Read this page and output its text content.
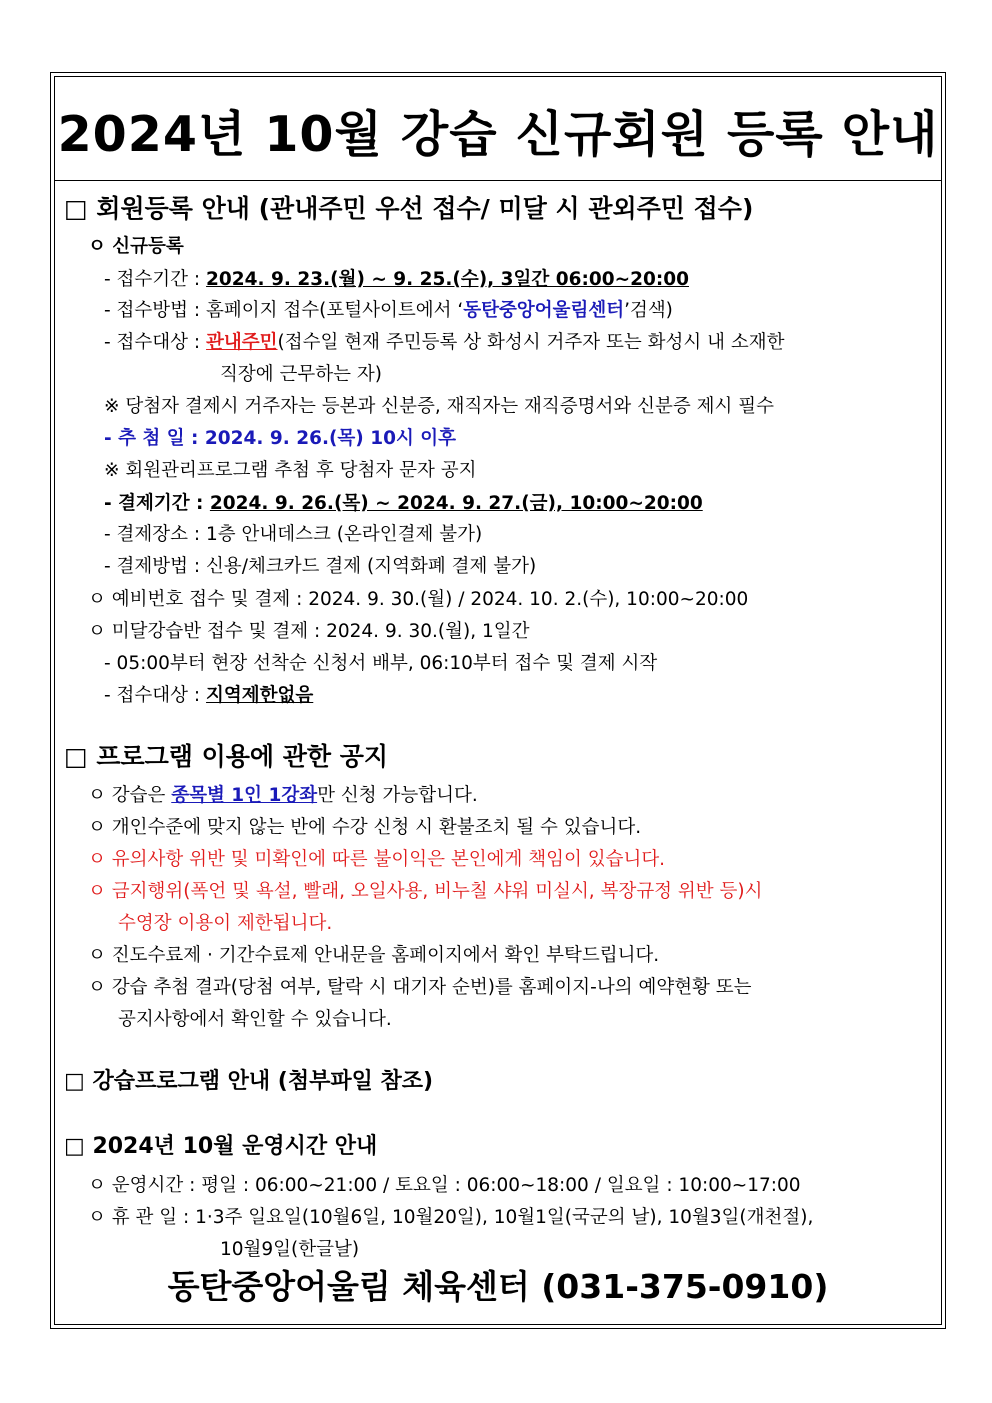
2024년 10월 강습 신규회원 등록 안내
□ 회원등록 안내 (관내주민 우선 접수/ 미달 시 관외주민 접수)
ㅇ 신규등록
- 접수기간 : 2024. 9. 23.(월) ~ 9. 25.(수), 3일간 06:00~20:00
- 접수방법 : 홈페이지 접수(포털사이트에서 ‘동탄중앙어울림센터’검색)
- 접수대상 : 관내주민(접수일 현재 주민등록 상 화성시 거주자 또는 화성시 내 소재한
직장에 근무하는 자)
※ 당첨자 결제시 거주자는 등본과 신분증, 재직자는 재직증명서와 신분증 제시 필수
- 추 첨 일 : 2024. 9. 26.(목) 10시 이후
※ 회원관리프로그램 추첨 후 당첨자 문자 공지
- 결제기간 : 2024. 9. 26.(목) ~ 2024. 9. 27.(금), 10:00~20:00
- 결제장소 : 1층 안내데스크 (온라인결제 불가)
- 결제방법 : 신용/체크카드 결제 (지역화폐 결제 불가)
ㅇ 예비번호 접수 및 결제 : 2024. 9. 30.(월) / 2024. 10. 2.(수), 10:00~20:00
ㅇ 미달강습반 접수 및 결제 : 2024. 9. 30.(월), 1일간
- 05:00부터 현장 선착순 신청서 배부, 06:10부터 접수 및 결제 시작
- 접수대상 : 지역제한없음
□ 프로그램 이용에 관한 공지
ㅇ 강습은 종목별 1인 1강좌만 신청 가능합니다.
ㅇ 개인수준에 맞지 않는 반에 수강 신청 시 환불조치 될 수 있습니다.
ㅇ 유의사항 위반 및 미확인에 따른 불이익은 본인에게 책임이 있습니다.
ㅇ 금지행위(폭언 및 욕설, 빨래, 오일사용, 비누칠 샤워 미실시, 복장규정 위반 등)시
수영장 이용이 제한됩니다.
ㅇ 진도수료제 · 기간수료제 안내문을 홈페이지에서 확인 부탁드립니다.
ㅇ 강습 추첨 결과(당첨 여부, 탈락 시 대기자 순번)를 홈페이지-나의 예약현황 또는
공지사항에서 확인할 수 있습니다.
□ 강습프로그램 안내 (첨부파일 참조)
□ 2024년 10월 운영시간 안내
ㅇ 운영시간 : 평일 : 06:00~21:00 / 토요일 : 06:00~18:00 / 일요일 : 10:00~17:00
ㅇ 휴 관 일 : 1·3주 일요일(10월6일, 10월20일), 10월1일(국군의 날), 10월3일(개천절),
10월9일(한글날)
동탄중앙어울림 체육센터 (031-375-0910)
